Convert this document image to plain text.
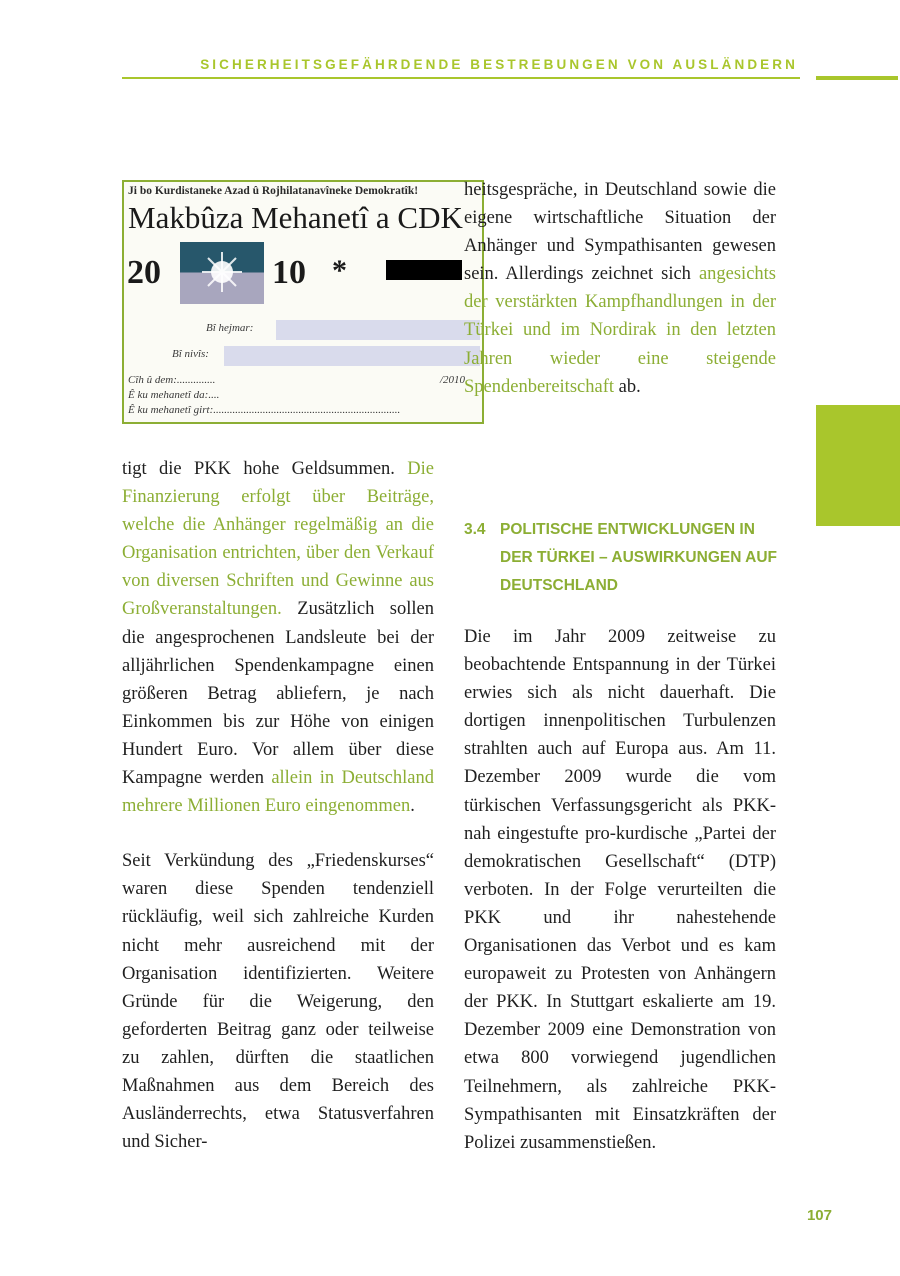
SICHERHEITSGEFÄHRDENDE BESTREBUNGEN VON AUSLÄNDERN
Ji bo Kurdistaneke Azad û Rojhilatanavîneke Demokratîk!
Makbûza Mehanetî a CDK
20	10 *
Bî hejmar:
Bî nivîs:
Cîh û dem:..............	/2010
Ê ku mehanetî da:....
Ê ku mehanetî girt:....................................................................

heitsgespräche, in Deutschland sowie die eigene wirtschaftliche Situation der Anhänger und Sympathisanten gewesen sein. Allerdings zeichnet sich angesichts der verstärkten Kampfhandlungen in der Türkei und im Nordirak in den letzten Jahren wieder eine steigende Spendenbereitschaft ab.

tigt die PKK hohe Geldsummen. Die Finanzierung erfolgt über Beiträge, welche die Anhänger regelmäßig an die Organisation entrichten, über den Verkauf von diversen Schriften und Gewinne aus Großveranstaltungen. Zusätzlich sollen die angesprochenen Landsleute bei der alljährlichen Spendenkampagne einen größeren Betrag abliefern, je nach Einkommen bis zur Höhe von einigen Hundert Euro. Vor allem über diese Kampagne werden allein in Deutschland mehrere Millionen Euro eingenommen.

Seit Verkündung des „Friedenskurses“ waren diese Spenden tendenziell rückläufig, weil sich zahlreiche Kurden nicht mehr ausreichend mit der Organisation identifizierten. Weitere Gründe für die Weigerung, den geforderten Beitrag ganz oder teilweise zu zahlen, dürften die staatlichen Maßnahmen aus dem Bereich des Ausländerrechts, etwa Statusverfahren und Sicher-

3.4 POLITISCHE ENTWICKLUNGEN IN DER TÜRKEI – AUSWIRKUNGEN AUF DEUTSCHLAND

Die im Jahr 2009 zeitweise zu beobachtende Entspannung in der Türkei erwies sich als nicht dauerhaft. Die dortigen innenpolitischen Turbulenzen strahlten auch auf Europa aus. Am 11. Dezember 2009 wurde die vom türkischen Verfassungsgericht als PKK-nah eingestufte pro-kurdische „Partei der demokratischen Gesellschaft“ (DTP) verboten. In der Folge verurteilten die PKK und ihr nahestehende Organisationen das Verbot und es kam europaweit zu Protesten von Anhängern der PKK. In Stuttgart eskalierte am 19. Dezember 2009 eine Demonstration von etwa 800 vorwiegend jugendlichen Teilnehmern, als zahlreiche PKK-Sympathisanten mit Einsatzkräften der Polizei zusammenstießen.

107
